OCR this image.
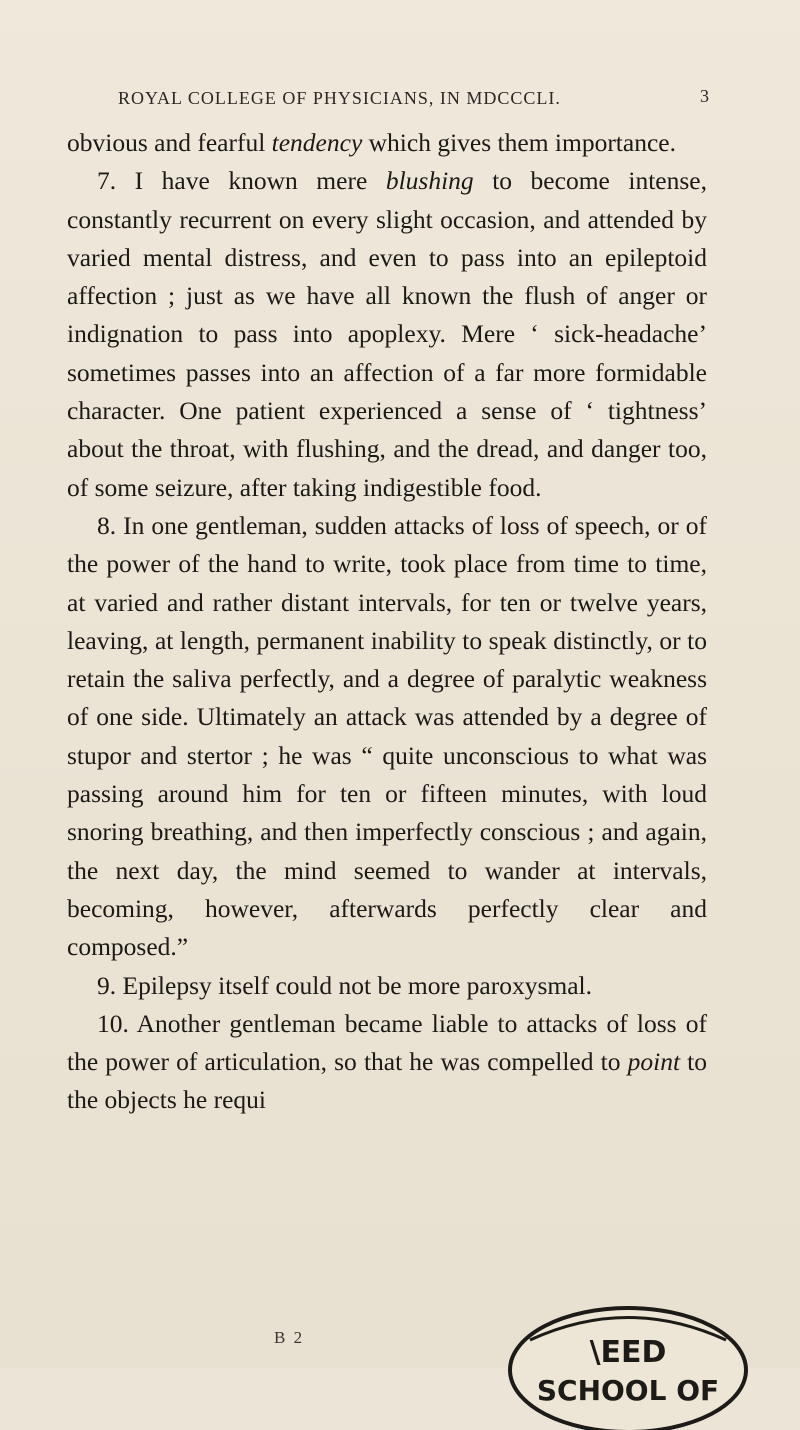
ROYAL COLLEGE OF PHYSICIANS, IN MDCCCLI.	3

obvious and fearful tendency which gives them importance.

7. I have known mere blushing to become intense, constantly recurrent on every slight occasion, and attended by varied mental distress, and even to pass into an epileptoid affection ; just as we have all known the flush of anger or indignation to pass into apoplexy. Mere ‘ sick-headache’ sometimes passes into an affection of a far more formidable character. One patient experienced a sense of ‘ tightness’ about the throat, with flushing, and the dread, and danger too, of some seizure, after taking indigestible food.

8. In one gentleman, sudden attacks of loss of speech, or of the power of the hand to write, took place from time to time, at varied and rather distant intervals, for ten or twelve years, leaving, at length, permanent inability to speak distinctly, or to retain the saliva perfectly, and a degree of paralytic weakness of one side. Ultimately an attack was attended by a degree of stupor and stertor ; he was “ quite unconscious to what was passing around him for ten or fifteen minutes, with loud snoring breathing, and then imperfectly conscious ; and again, the next day, the mind seemed to wander at intervals, becoming, however, afterwards perfectly clear and composed.”

9. Epilepsy itself could not be more paroxysmal.

10. Another gentleman became liable to attacks of loss of the power of articulation, so that he was compelled to point to the objects he requi

B 2	\EED
SCHOOL OF
